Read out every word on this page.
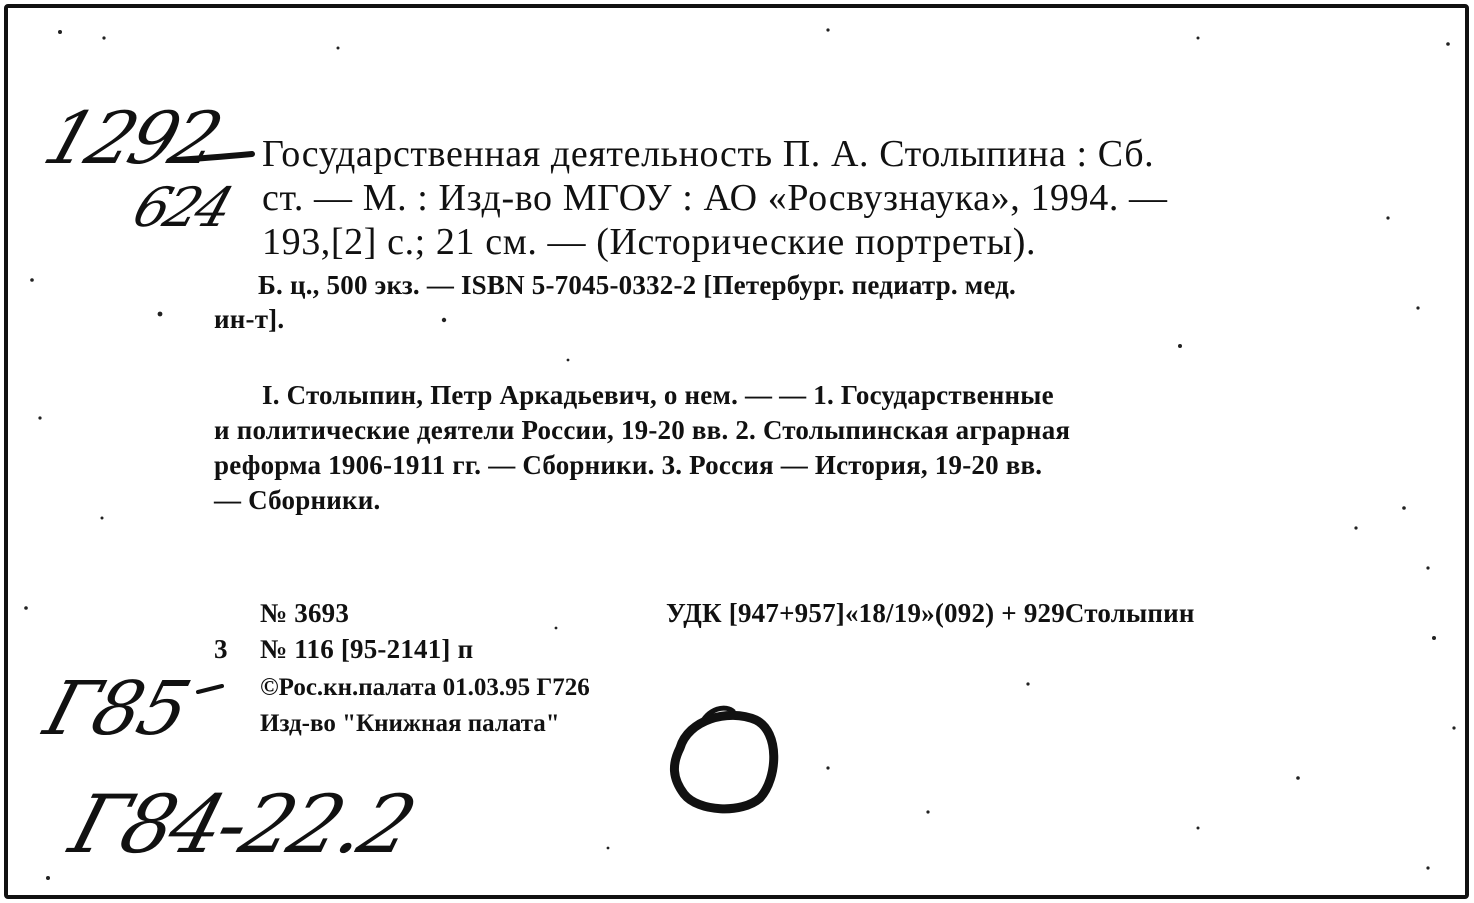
1292
624
Государственная деятельность П. А. Столыпина : Сб.
ст. — М. : Изд-во МГОУ : АО «Росвузнаука», 1994. —
193,[2] с.; 21 см. — (Исторические портреты).
Б. ц., 500 экз. — ISBN 5-7045-0332-2 [Петербург. педиатр. мед.
ин-т].
I. Столыпин, Петр Аркадьевич, о нем. — — 1. Государственные
и политические деятели России, 19-20 вв. 2. Столыпинская аграрная
реформа 1906-1911 гг. — Сборники. 3. Россия — История, 19-20 вв.
— Сборники.
№ 3693	УДК [947+957]«18/19»(092) + 929Столыпин
3 № 116 [95-2141] п
©Рос.кн.палата 01.03.95 Г726
Изд-во "Книжная палата"
Г85
Г84-22.2
